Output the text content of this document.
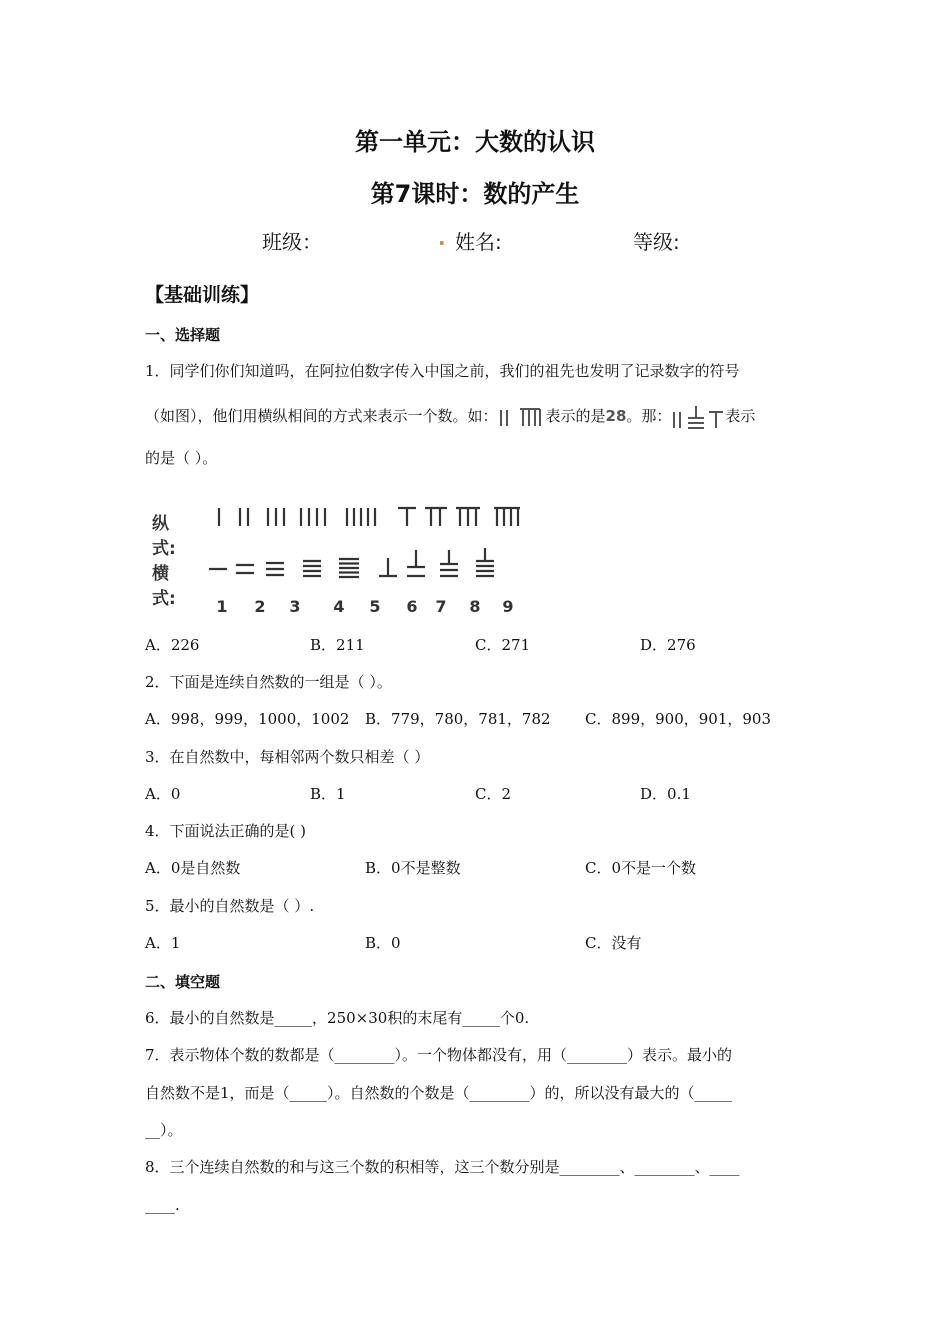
第一单元：大数的认识
第7课时：数的产生
班级：	. 姓名:	等级:
【基础训练】
一、选择题
1．同学们你们知道吗，在阿拉伯数字传入中国之前，我们的祖先也发明了记录数字的符号
（如图），他们用横纵相间的方式来表示一个数。如：	表示的是28。那：	表示
的是（ ）。
纵式:
横式:	1 2 3 4 5 6 7 8 9
A．226	B．211	C．271	D．276
2．下面是连续自然数的一组是（ ）。
A．998，999，1000，1002 B．779，780，781，782 C．899，900，901，903
3．在自然数中，每相邻两个数只相差（ ）
A．0	B．1	C．2	D．0.1
4．下面说法正确的是( )
A．0是自然数	B．0不是整数	C．0不是一个数
5．最小的自然数是（ ）.
A．1	B．0	C．没有
二、填空题
6．最小的自然数是_____，250×30积的末尾有_____个0.
7．表示物体个数的数都是（________）。一个物体都没有，用（________）表示。最小的
自然数不是1，而是（_____）。自然数的个数是（________）的，所以没有最大的（_____
__）。
8．三个连续自然数的和与这三个数的积相等，这三个数分别是________、________、____
____.
